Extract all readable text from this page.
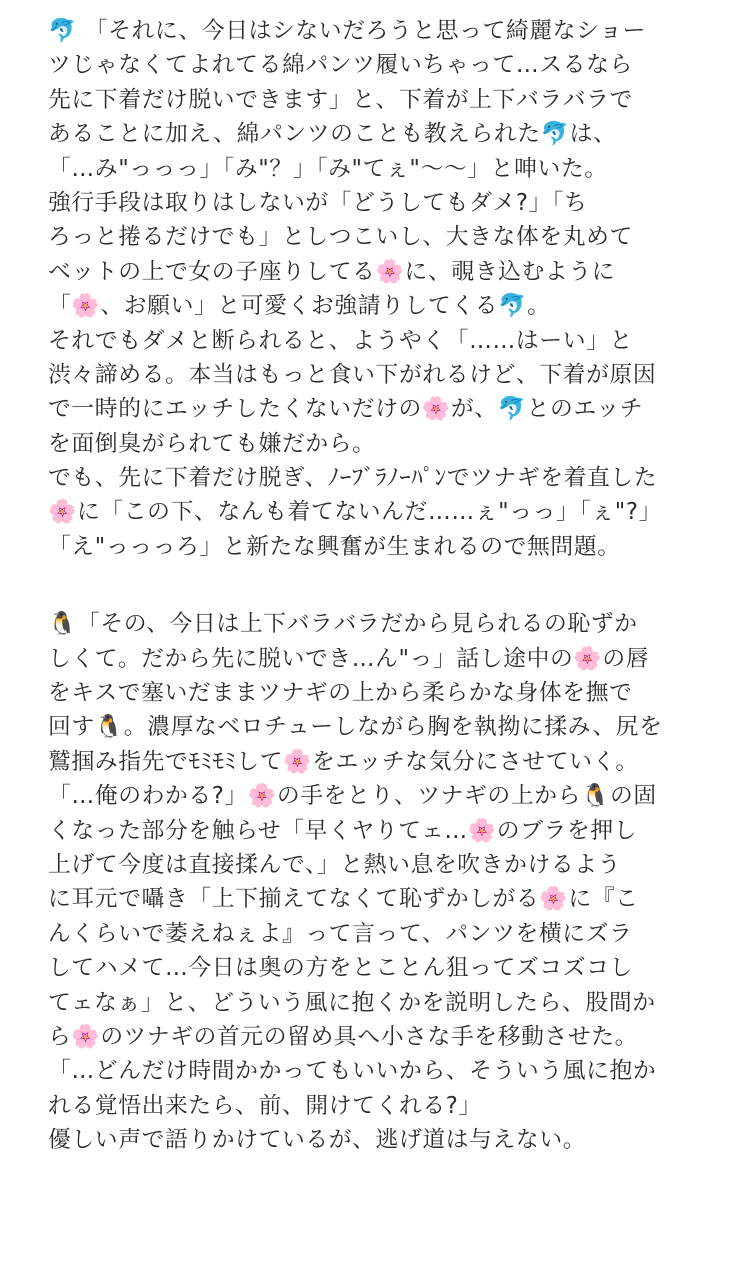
🐬 「それに、今日はシないだろうと思って綺麗なショー
ツじゃなくてよれてる綿パンツ履いちゃって…スるなら
先に下着だけ脱いできます」と、下着が上下バラバラで
あることに加え、綿パンツのことも教えられた🐬は、
「…み"っっっ」「み"？」「み"てぇ"〜〜」と呻いた。
強行手段は取りはしないが「どうしてもダメ?」「ち
ろっと捲るだけでも」としつこいし、大きな体を丸めて
ベットの上で女の子座りしてる🌸に、覗き込むように
「🌸、お願い」と可愛くお強請りしてくる🐬。
それでもダメと断られると、ようやく「……はーい」と
渋々諦める。本当はもっと食い下がれるけど、下着が原因
で一時的にエッチしたくないだけの🌸が、🐬とのエッチ
を面倒臭がられても嫌だから。
でも、先に下着だけ脱ぎ、ﾉｰﾌﾞﾗﾉｰﾊﾟﾝでツナギを着直した
🌸に「この下、なんも着てないんだ……ぇ"っっ」「ぇ"?」
「え"っっっろ」と新たな興奮が生まれるので無問題。
🐧「その、今日は上下バラバラだから見られるの恥ずか
しくて。だから先に脱いでき…ん"っ」話し途中の🌸の唇
をキスで塞いだままツナギの上から柔らかな身体を撫で
回す🐧。濃厚なベロチューしながら胸を執拗に揉み、尻を
鷲掴み指先でﾓﾐﾓﾐして🌸をエッチな気分にさせていく。
「…俺のわかる?」🌸の手をとり、ツナギの上から🐧の固
くなった部分を触らせ「早くヤりてェ…🌸のブラを押し
上げて今度は直接揉んで、」と熱い息を吹きかけるよう
に耳元で囁き「上下揃えてなくて恥ずかしがる🌸に『こ
んくらいで萎えねぇよ』って言って、パンツを横にズラ
してハメて…今日は奥の方をとことん狙ってズコズコし
てェなぁ」と、どういう風に抱くかを説明したら、股間か
ら🌸のツナギの首元の留め具へ小さな手を移動させた。
「…どんだけ時間かかってもいいから、そういう風に抱か
れる覚悟出来たら、前、開けてくれる?」
優しい声で語りかけているが、逃げ道は与えない。
